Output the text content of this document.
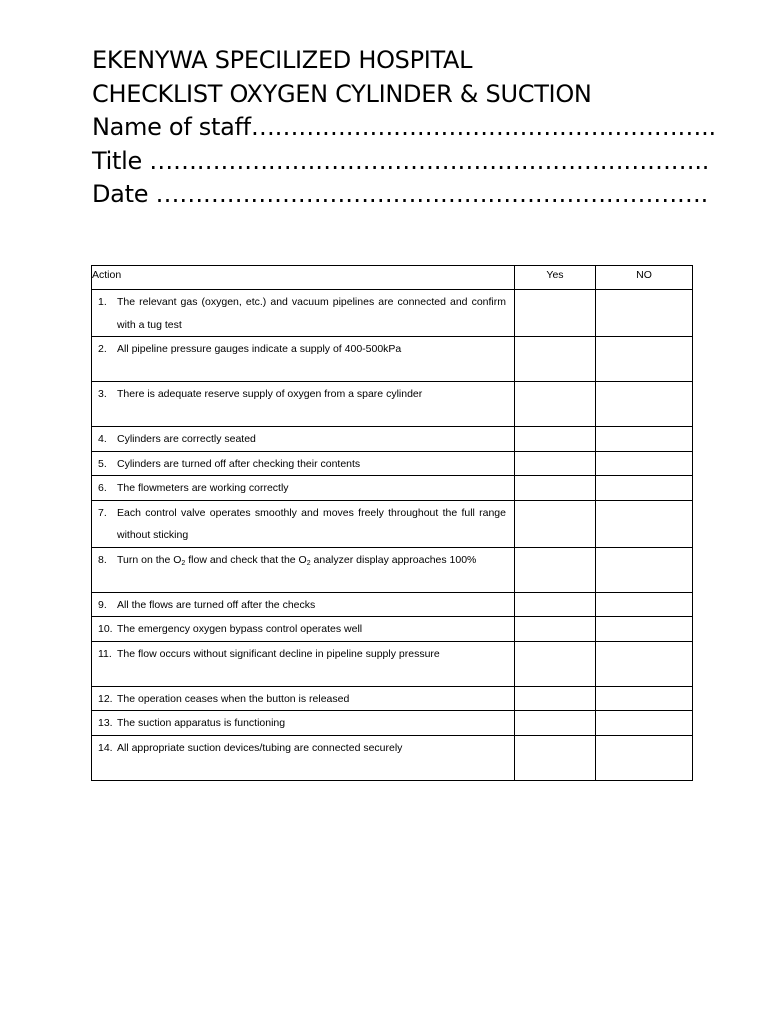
EKENYWA SPECILIZED HOSPITAL
CHECKLIST OXYGEN CYLINDER & SUCTION
Name of staff…………………………………………………..
Title ……………………………………………………………..
Date …………………………………………………………….
Action	Yes	NO

1. The relevant gas (oxygen, etc.) and vacuum pipelines are connected and confirm with a tug test		

2. All pipeline pressure gauges indicate a supply of 400-500kPa		

3. There is adequate reserve supply of oxygen from a spare cylinder		

4. Cylinders are correctly seated		

5. Cylinders are turned off after checking their contents		

6. The flowmeters are working correctly		

7. Each control valve operates smoothly and moves freely throughout the full range without sticking		

8. Turn on the $O_2$ flow and check that the $O_2$ analyzer display approaches 100%		

9. All the flows are turned off after the checks		

10. The emergency oxygen bypass control operates well		

11. The flow occurs without significant decline in pipeline supply pressure		

12. The operation ceases when the button is released		

13. The suction apparatus is functioning		

14. All appropriate suction devices/tubing are connected securely		
